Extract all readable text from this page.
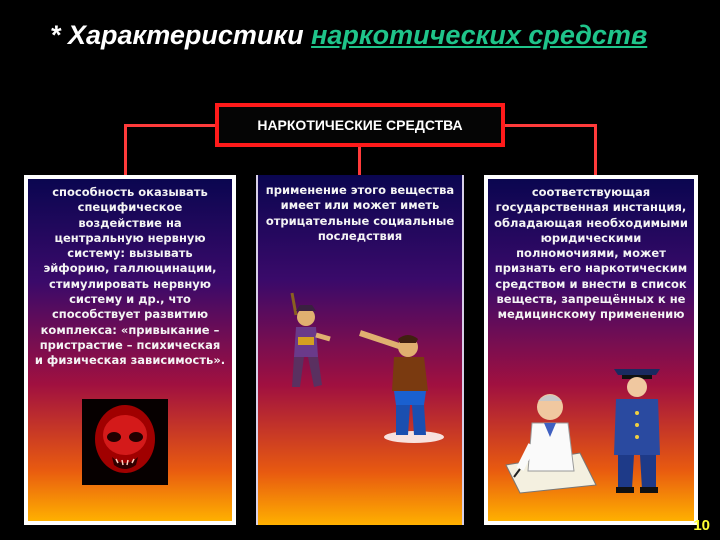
* Характеристики наркотических средств
НАРКОТИЧЕСКИЕ СРЕДСТВА
способность оказывать специфическое воздействие на центральную нервную систему: вызывать эйфорию, галлюцинации, стимулировать нервную систему и др., что способствует развитию комплекса: «привыкание – пристрастие – психическая и физическая зависимость».
применение этого вещества имеет или может иметь отрицательные социальные последствия
соответствующая государственная инстанция, обладающая необходимыми юридическими полномочиями, может признать его наркотическим средством и внести в список веществ, запрещённых к не медицинскому применению
10
